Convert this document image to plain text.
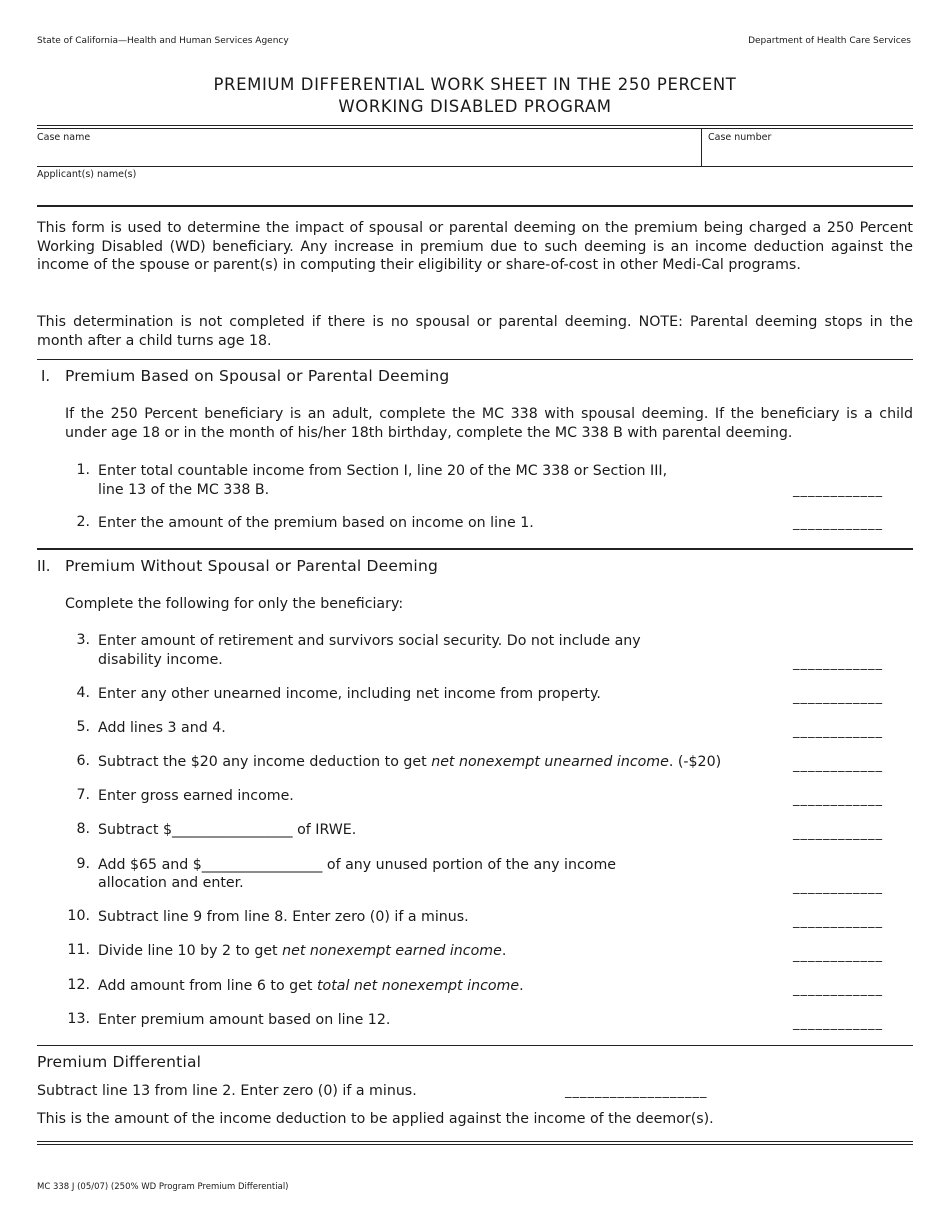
State of California—Health and Human Services Agency	Department of Health Care Services
PREMIUM DIFFERENTIAL WORK SHEET IN THE 250 PERCENT
WORKING DISABLED PROGRAM
Case name	Case number
Applicant(s) name(s)
This form is used to determine the impact of spousal or parental deeming on the premium being charged a 250 Percent Working Disabled (WD) beneficiary. Any increase in premium due to such deeming is an income deduction against the income of the spouse or parent(s) in computing their eligibility or share-of-cost in other Medi-Cal programs.
This determination is not completed if there is no spousal or parental deeming. NOTE: Parental deeming stops in the month after a child turns age 18.
I. Premium Based on Spousal or Parental Deeming
If the 250 Percent beneficiary is an adult, complete the MC 338 with spousal deeming. If the beneficiary is a child under age 18 or in the month of his/her 18th birthday, complete the MC 338 B with parental deeming.
1. Enter total countable income from Section I, line 20 of the MC 338 or Section III,
line 13 of the MC 338 B.	____________
2. Enter the amount of the premium based on income on line 1.	____________
II. Premium Without Spousal or Parental Deeming
Complete the following for only the beneficiary:
3. Enter amount of retirement and survivors social security. Do not include any
disability income.	____________
4. Enter any other unearned income, including net income from property.	____________
5. Add lines 3 and 4.	____________
6. Subtract the $20 any income deduction to get net nonexempt unearned income. (-$20)	____________
7. Enter gross earned income.	____________
8. Subtract $_________________ of IRWE.	____________
9. Add $65 and $_________________ of any unused portion of the any income
allocation and enter.	____________
10. Subtract line 9 from line 8. Enter zero (0) if a minus.	____________
11. Divide line 10 by 2 to get net nonexempt earned income.	____________
12. Add amount from line 6 to get total net nonexempt income.	____________
13. Enter premium amount based on line 12.	____________
Premium Differential
Subtract line 13 from line 2. Enter zero (0) if a minus.	___________________
This is the amount of the income deduction to be applied against the income of the deemor(s).
MC 338 J (05/07) (250% WD Program Premium Differential)
